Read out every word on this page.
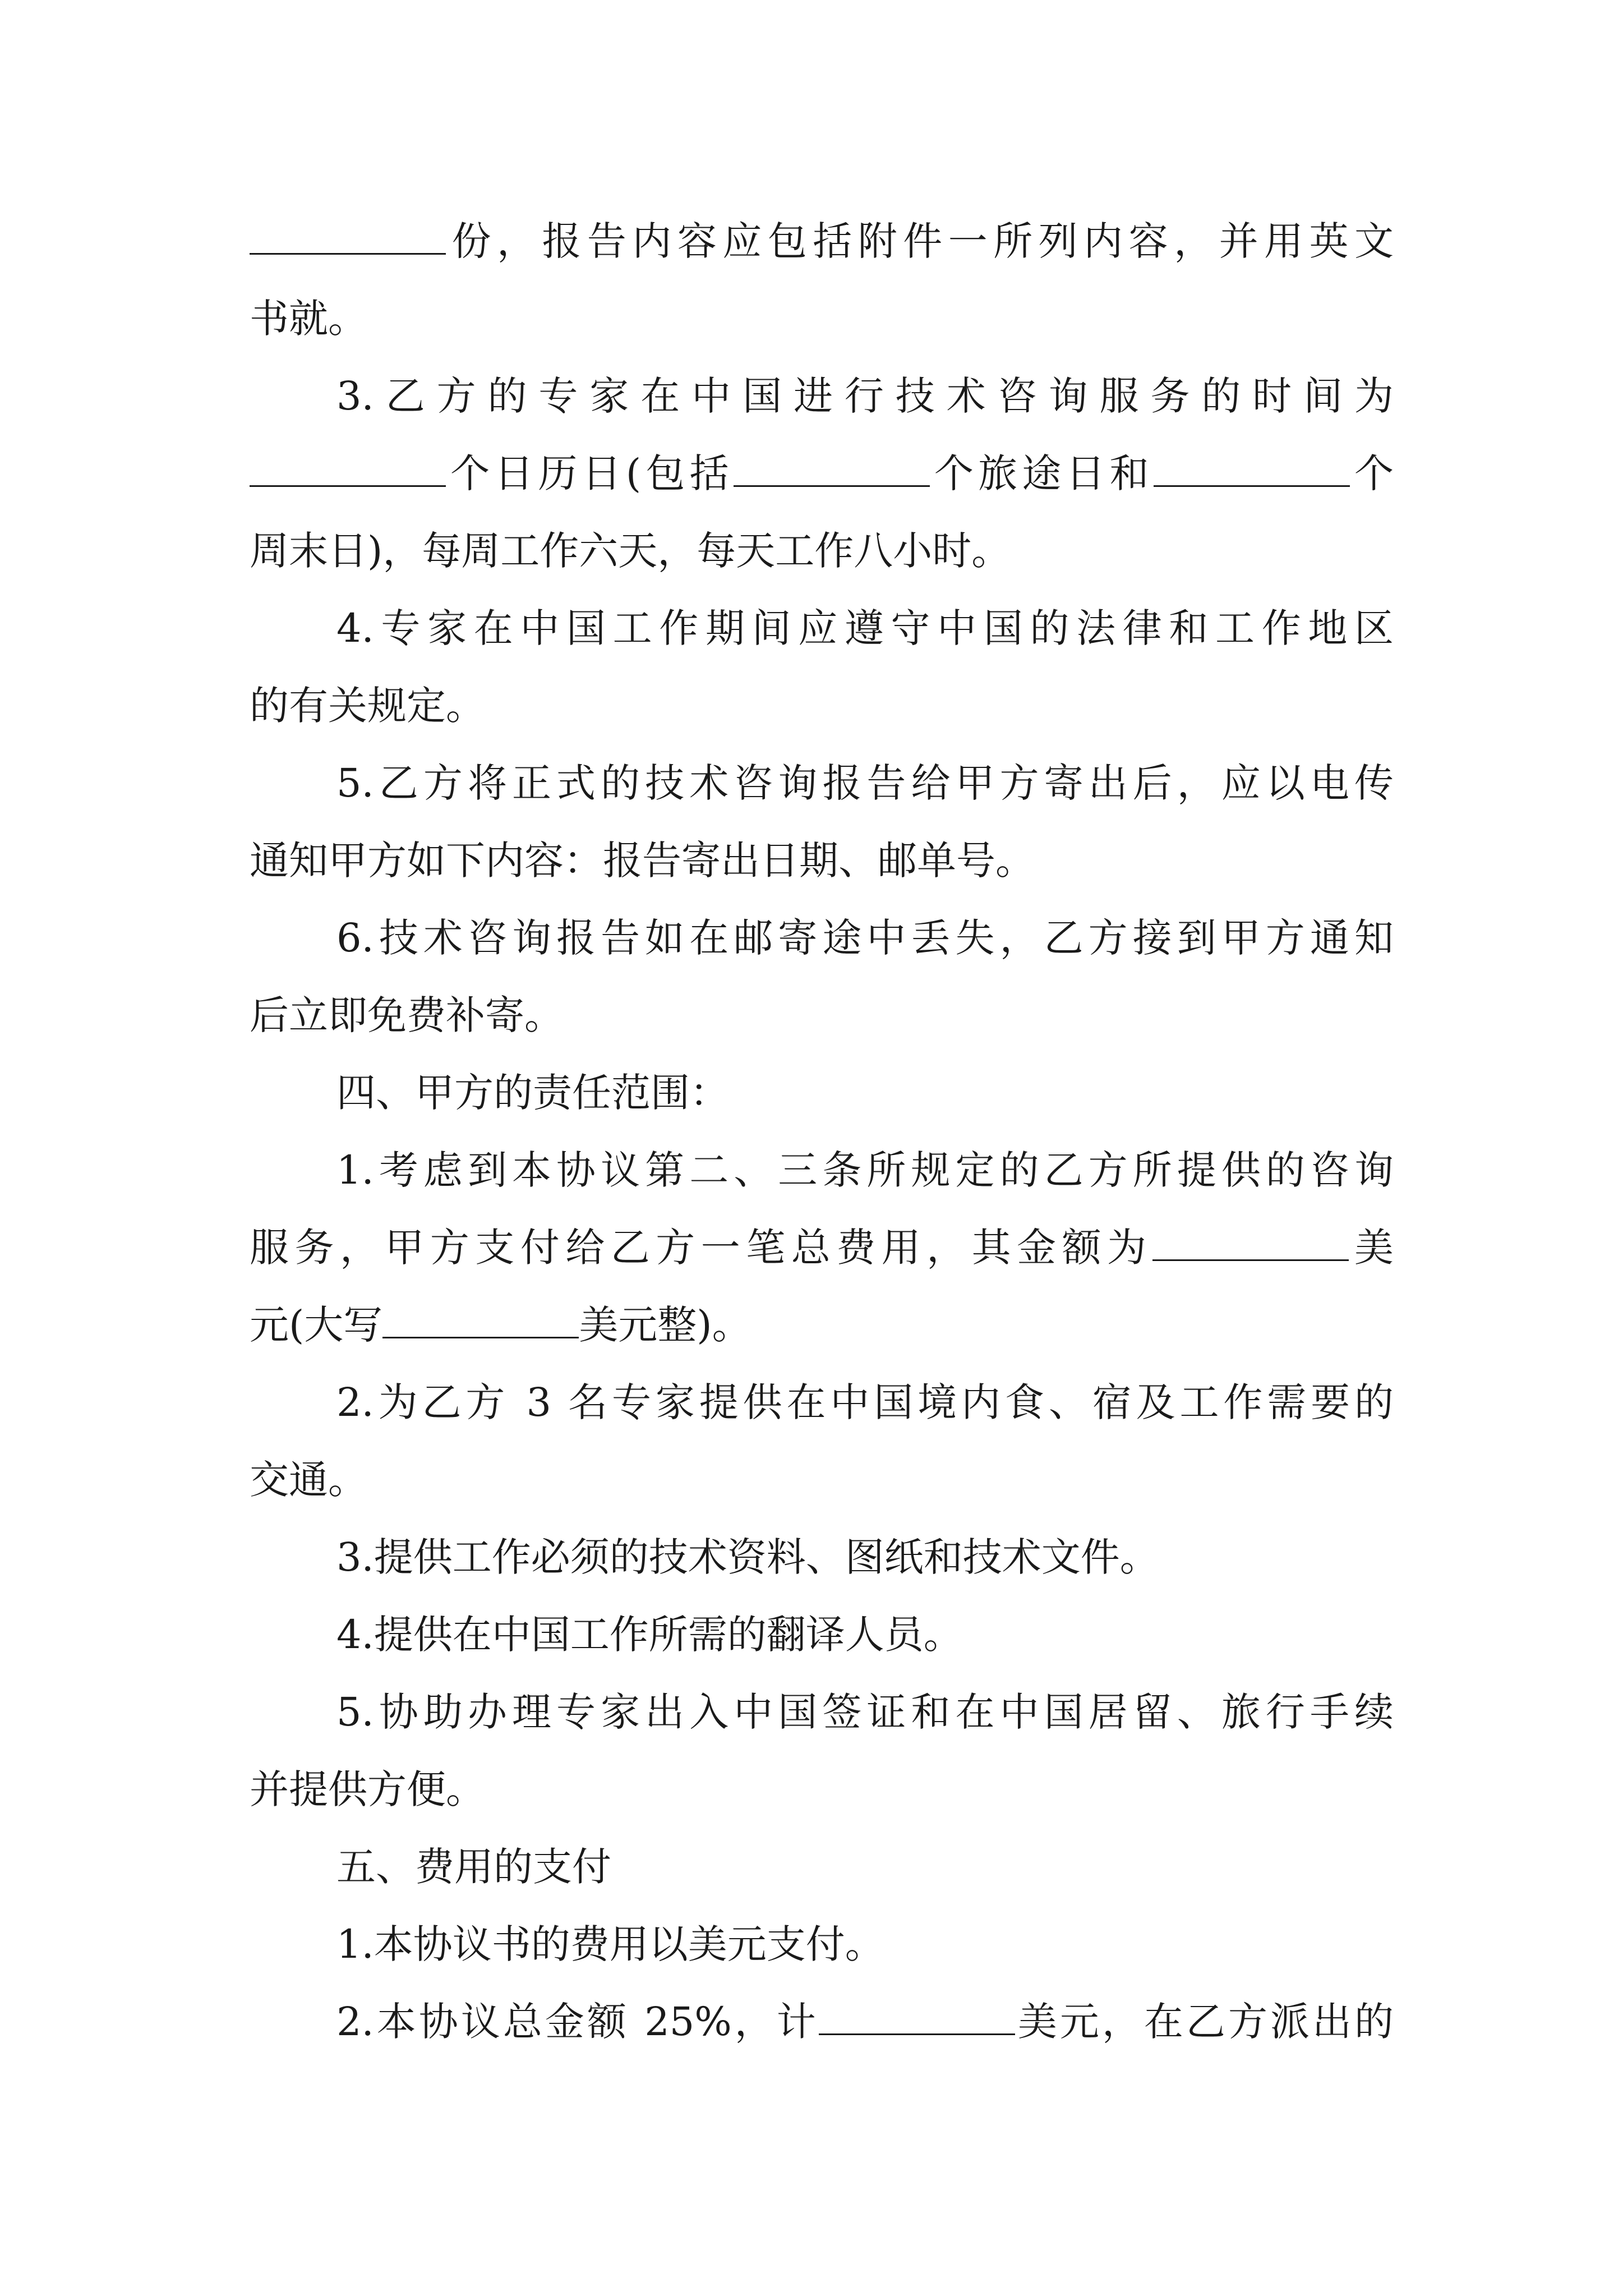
份，报告内容应包括附件一所列内容，并用英文
书就。
3.乙方的专家在中国进行技术咨询服务的时间为
个日历日(包括	个旅途日和	个
周末日)，每周工作六天，每天工作八小时。
4.专家在中国工作期间应遵守中国的法律和工作地区
的有关规定。
5.乙方将正式的技术咨询报告给甲方寄出后，应以电传
通知甲方如下内容：报告寄出日期、邮单号。
6.技术咨询报告如在邮寄途中丢失，乙方接到甲方通知
后立即免费补寄。
四、甲方的责任范围：
1.考虑到本协议第二、三条所规定的乙方所提供的咨询
服务，甲方支付给乙方一笔总费用，其金额为	美
元(大写	美元整)。
2.为乙方 3 名专家提供在中国境内食、宿及工作需要的
交通。
3.提供工作必须的技术资料、图纸和技术文件。
4.提供在中国工作所需的翻译人员。
5.协助办理专家出入中国签证和在中国居留、旅行手续
并提供方便。
五、费用的支付
1.本协议书的费用以美元支付。
2.本协议总金额 25%，计	美元，在乙方派出的
